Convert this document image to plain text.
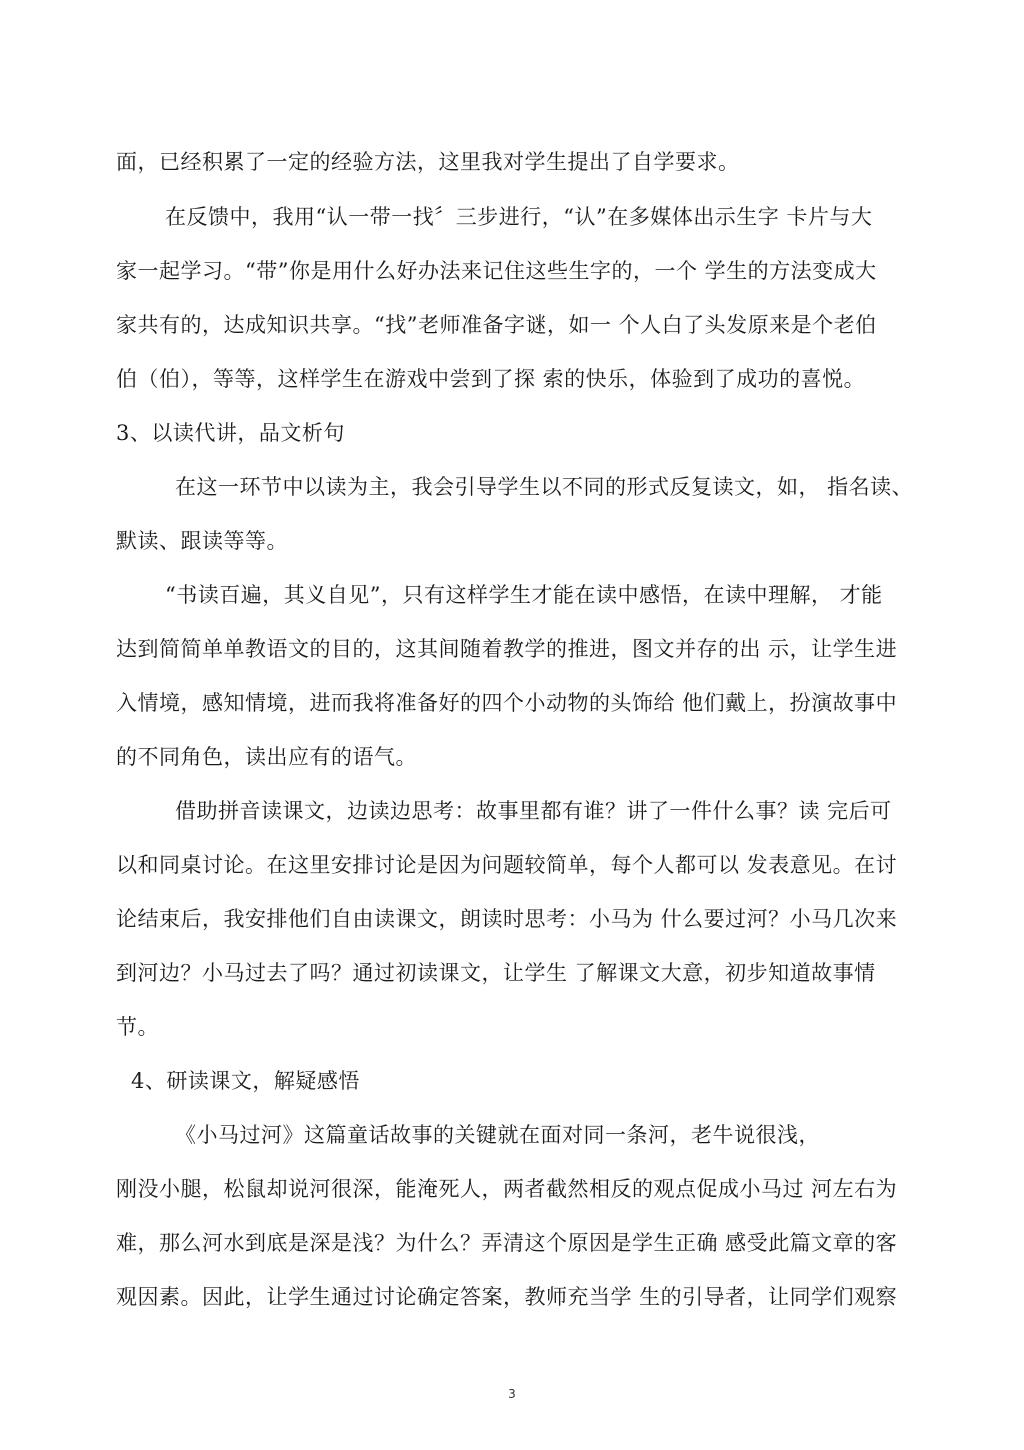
面，已经积累了一定的经验方法，这里我对学生提出了自学要求。

在反馈中，我用“认一带一找〞三步进行，“认”在多媒体出示生字 卡片与大

家一起学习。“带”你是用什么好办法来记住这些生字的，一个 学生的方法变成大

家共有的，达成知识共享。“找”老师准备字谜，如一 个人白了头发原来是个老伯

伯（伯），等等，这样学生在游戏中尝到了探 索的快乐，体验到了成功的喜悦。

3、以读代讲，品文析句

在这一环节中以读为主，我会引导学生以不同的形式反复读文，如， 指名读、

默读、跟读等等。

“书读百遍，其义自见”，只有这样学生才能在读中感悟，在读中理解， 才能

达到简简单单教语文的目的，这其间随着教学的推进，图文并存的出 示，让学生进

入情境，感知情境，进而我将准备好的四个小动物的头饰给 他们戴上，扮演故事中

的不同角色，读出应有的语气。

借助拼音读课文，边读边思考：故事里都有谁？讲了一件什么事？读 完后可

以和同桌讨论。在这里安排讨论是因为问题较简单，每个人都可以 发表意见。在讨

论结束后，我安排他们自由读课文，朗读时思考：小马为 什么要过河？小马几次来

到河边？小马过去了吗？通过初读课文，让学生 了解课文大意，初步知道故事情

节。

4、研读课文，解疑感悟

《小马过河》这篇童话故事的关键就在面对同一条河，老牛说很浅，

刚没小腿，松鼠却说河很深，能淹死人，两者截然相反的观点促成小马过 河左右为

难，那么河水到底是深是浅？为什么？弄清这个原因是学生正确 感受此篇文章的客

观因素。因此，让学生通过讨论确定答案，教师充当学 生的引导者，让同学们观察

3
